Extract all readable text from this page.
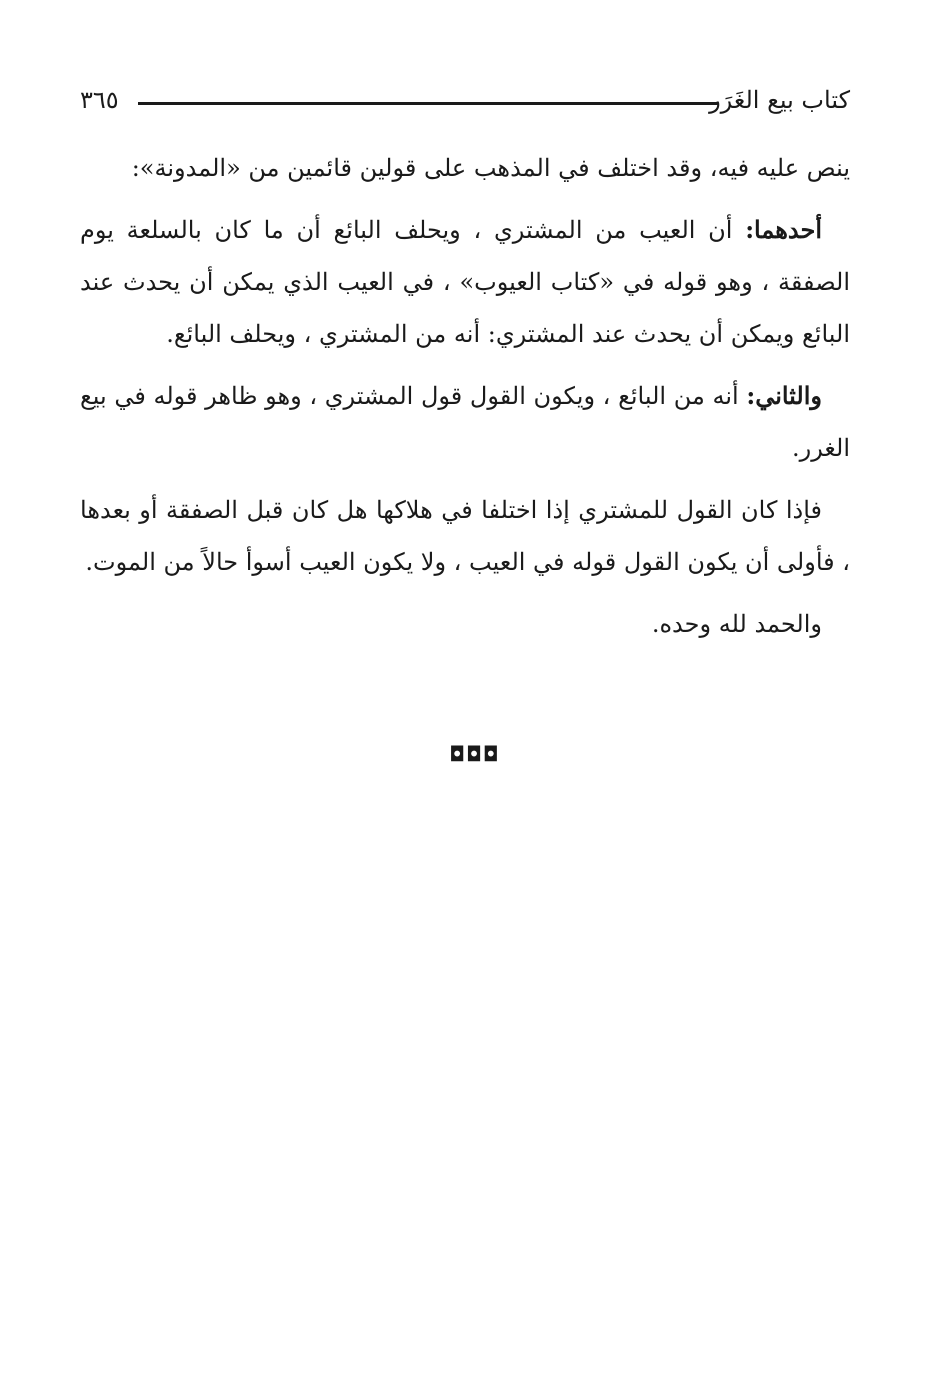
كتاب بيع الغَرَر
٣٦٥

ينص عليه فيه، وقد اختلف في المذهب على قولين قائمين من «المدونة»:

أحدهما: أن العيب من المشتري ، ويحلف البائع أن ما كان بالسلعة يوم الصفقة ، وهو قوله في «كتاب العيوب» ، في العيب الذي يمكن أن يحدث عند البائع ويمكن أن يحدث عند المشتري: أنه من المشتري ، ويحلف البائع.

والثاني: أنه من البائع ، ويكون القول قول المشتري ، وهو ظاهر قوله في بيع الغرر.

فإذا كان القول للمشتري إذا اختلفا في هلاكها هل كان قبل الصفقة أو بعدها ، فأولى أن يكون القول قوله في العيب ، ولا يكون العيب أسوأ حالاً من الموت.

والحمد لله وحده.

◘◘◘
